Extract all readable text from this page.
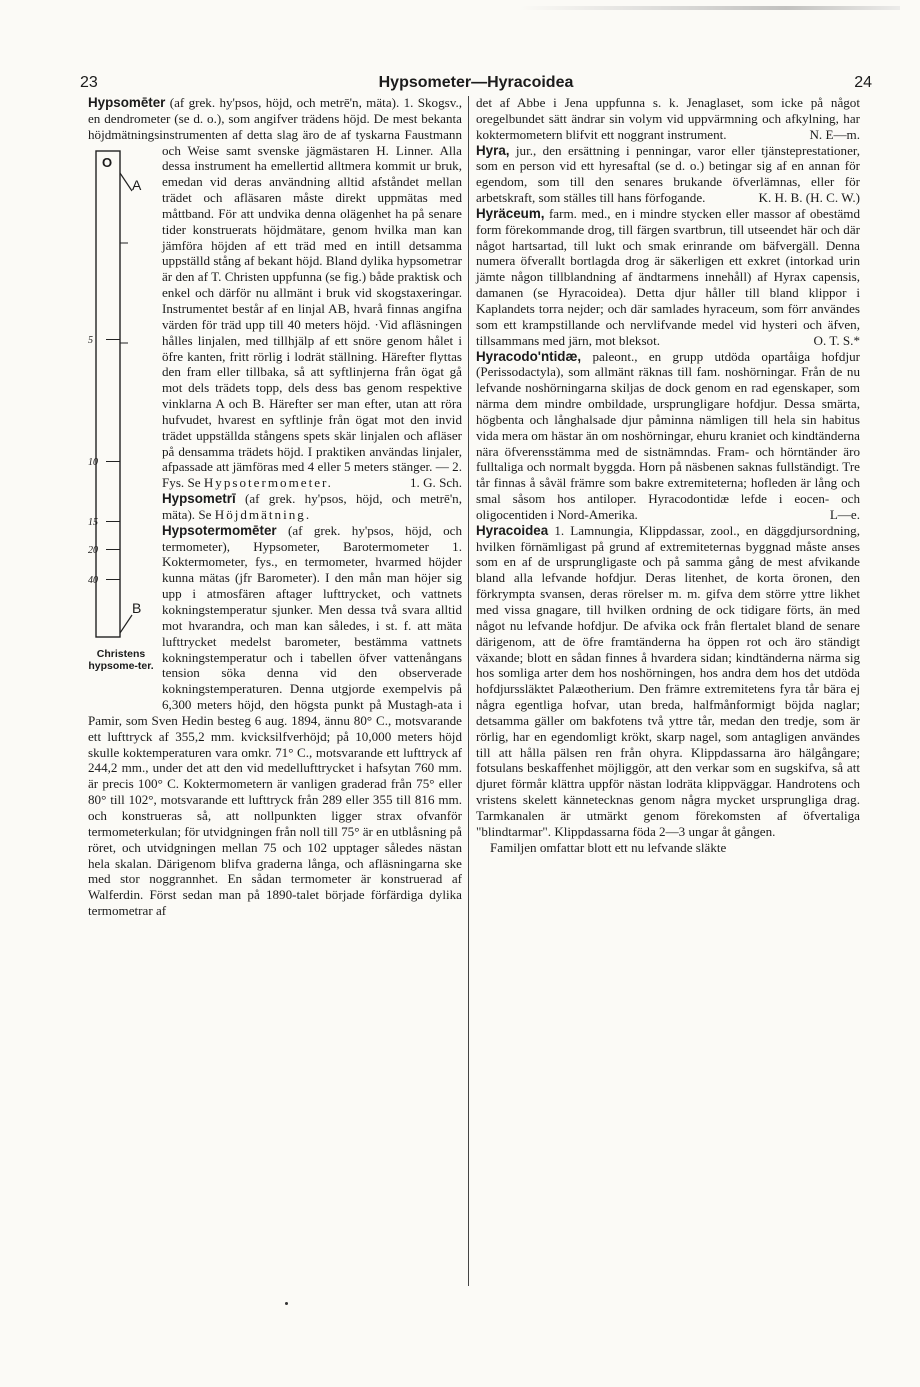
23	Hypsometer—Hyracoidea	24

Hypsomēter (af grek. hy'psos, höjd, och metrē'n, mäta). 1. Skogsv., en dendrometer (se d. o.), som angifver trädens höjd. De mest bekanta höjdmätningsinstrumenten af detta slag äro de af tyskarna
O
A
B
5
10
15
20
40
Christens hypsome-ter.
Faustmann och Weise samt svenske jägmästaren H. Linner. Alla dessa instrument ha emellertid alltmera kommit ur bruk, emedan vid deras användning alltid afståndet mellan trädet och afläsaren måste direkt uppmätas med måttband. För att undvika denna olägenhet ha på senare tider konstruerats höjdmätare, genom hvilka man kan jämföra höjden af ett träd med en intill detsamma uppställd stång af bekant höjd. Bland dylika hypsometrar är den af T. Christen uppfunna (se fig.) både praktisk och enkel och därför nu allmänt i bruk vid skogstaxeringar. Instrumentet består af en linjal AB, hvarå finnas angifna värden för träd upp till 40 meters höjd. ·Vid afläsningen hålles linjalen, med tillhjälp af ett snöre genom hålet i öfre kanten, fritt rörlig i lodrät ställning. Härefter flyttas den fram eller tillbaka, så att syftlinjerna från ögat gå mot dels trädets topp, dels dess bas genom respektive vinklarna A och B. Härefter ser man efter, utan att röra hufvudet, hvarest en syftlinje från ögat mot den invid trädet uppställda stångens spets skär linjalen och afläser på densamma trädets höjd. I praktiken användas linjaler, afpassade att jämföras med 4 eller 5 meters stänger. — 2. Fys. Se Hypsotermometer.	1. G. Sch.

Hypsometrī (af grek. hy'psos, höjd, och metrē'n, mäta). Se Höjdmätning.

Hypsotermomēter (af grek. hy'psos, höjd, och termometer), Hypsometer, Barotermometer 1. Koktermometer, fys., en termometer, hvarmed höjder kunna mätas (jfr Barometer). I den mån man höjer sig upp i atmosfären aftager lufttrycket, och vattnets kokningstemperatur sjunker. Men dessa två svara alltid mot hvarandra, och man kan således, i st. f. att mäta lufttrycket medelst barometer, bestämma vattnets kokningstemperatur och i tabellen öfver vattenångans tension söka denna vid den observerade kokningstemperaturen. Denna utgjorde exempelvis på 6,300 meters höjd, den högsta punkt på Mustagh-ata i Pamir, som Sven Hedin besteg 6 aug. 1894, ännu 80° C., motsvarande ett lufttryck af 355,2 mm. kvicksilfverhöjd; på 10,000 meters höjd skulle koktemperaturen vara omkr. 71° C., motsvarande ett lufttryck af 244,2 mm., under det att den vid medellufttrycket i hafsytan 760 mm. är precis 100° C. Koktermometern är vanligen graderad från 75° eller 80° till 102°, motsvarande ett lufttryck från 289 eller 355 till 816 mm. och konstrueras så, att nollpunkten ligger strax ofvanför termometerkulan; för utvidgningen från noll till 75° är en utblåsning på röret, och utvidgningen mellan 75 och 102 upptager således nästan hela skalan. Därigenom blifva graderna långa, och afläsningarna ske med stor noggrannhet. En sådan termometer är konstruerad af Walferdin. Först sedan man på 1890-talet började förfärdiga dylika termometrar af

det af Abbe i Jena uppfunna s. k. Jenaglaset, som icke på något oregelbundet sätt ändrar sin volym vid uppvärmning och afkylning, har koktermometern blifvit ett noggrant instrument.	N. E—m.

Hyra, jur., den ersättning i penningar, varor eller tjänsteprestationer, som en person vid ett hyresaftal (se d. o.) betingar sig af en annan för egendom, som till den senares brukande öfverlämnas, eller för arbetskraft, som ställes till hans förfogande.	K. H. B. (H. C. W.)

Hyräceum, farm. med., en i mindre stycken eller massor af obestämd form förekommande drog, till färgen svartbrun, till utseendet här och där något hartsartad, till lukt och smak erinrande om bäfvergäll. Denna numera öfverallt bortlagda drog är säkerligen ett exkret (intorkad urin jämte någon tillblandning af ändtarmens innehåll) af Hyrax capensis, damanen (se Hyracoidea). Detta djur håller till bland klippor i Kaplandets torra nejder; och där samlades hyraceum, som förr användes som ett krampstillande och nervlifvande medel vid hysteri och äfven, tillsammans med järn, mot bleksot.	O. T. S.*

Hyracodo'ntidæ, paleont., en grupp utdöda opartåiga hofdjur (Perissodactyla), som allmänt räknas till fam. noshörningar. Från de nu lefvande noshörningarna skiljas de dock genom en rad egenskaper, som närma dem mindre ombildade, ursprungligare hofdjur. Dessa smärta, högbenta och långhalsade djur påminna nämligen till hela sin habitus vida mera om hästar än om noshörningar, ehuru kraniet och kindtänderna nära öfverensstämma med de sistnämndas. Fram- och hörntänder äro fulltaliga och normalt byggda. Horn på näsbenen saknas fullständigt. Tre tår finnas å såväl främre som bakre extremiteterna; hofleden är lång och smal såsom hos antiloper. Hyracodontidæ lefde i eocen- och oligocentiden i Nord-Amerika.	L—e.

Hyracoidea 1. Lamnungia, Klippdassar, zool., en däggdjursordning, hvilken förnämligast på grund af extremiteternas byggnad måste anses som en af de ursprungligaste och på samma gång de mest afvikande bland alla lefvande hofdjur. Deras litenhet, de korta öronen, den förkrympta svansen, deras rörelser m. m. gifva dem större yttre likhet med vissa gnagare, till hvilken ordning de ock tidigare förts, än med något nu lefvande hofdjur. De afvika ock från flertalet bland de senare därigenom, att de öfre framtänderna ha öppen rot och äro ständigt växande; blott en sådan finnes å hvardera sidan; kindtänderna närma sig hos somliga arter dem hos noshörningen, hos andra dem hos det utdöda hofdjurssläktet Palæotherium. Den främre extremitetens fyra tår bära ej några egentliga hofvar, utan breda, halfmånformigt böjda naglar; detsamma gäller om bakfotens två yttre tår, medan den tredje, som är rörlig, har en egendomligt krökt, skarp nagel, som antagligen användes till att hålla pälsen ren från ohyra. Klippdassarna äro hälgångare; fotsulans beskaffenhet möjliggör, att den verkar som en sugskifva, så att djuret förmår klättra uppför nästan lodräta klippväggar. Handrotens och vristens skelett kännetecknas genom några mycket ursprungliga drag. Tarmkanalen är utmärkt genom förekomsten af öfvertaliga "blindtarmar". Klippdassarna föda 2—3 ungar åt gången.

Familjen omfattar blott ett nu lefvande släkte
